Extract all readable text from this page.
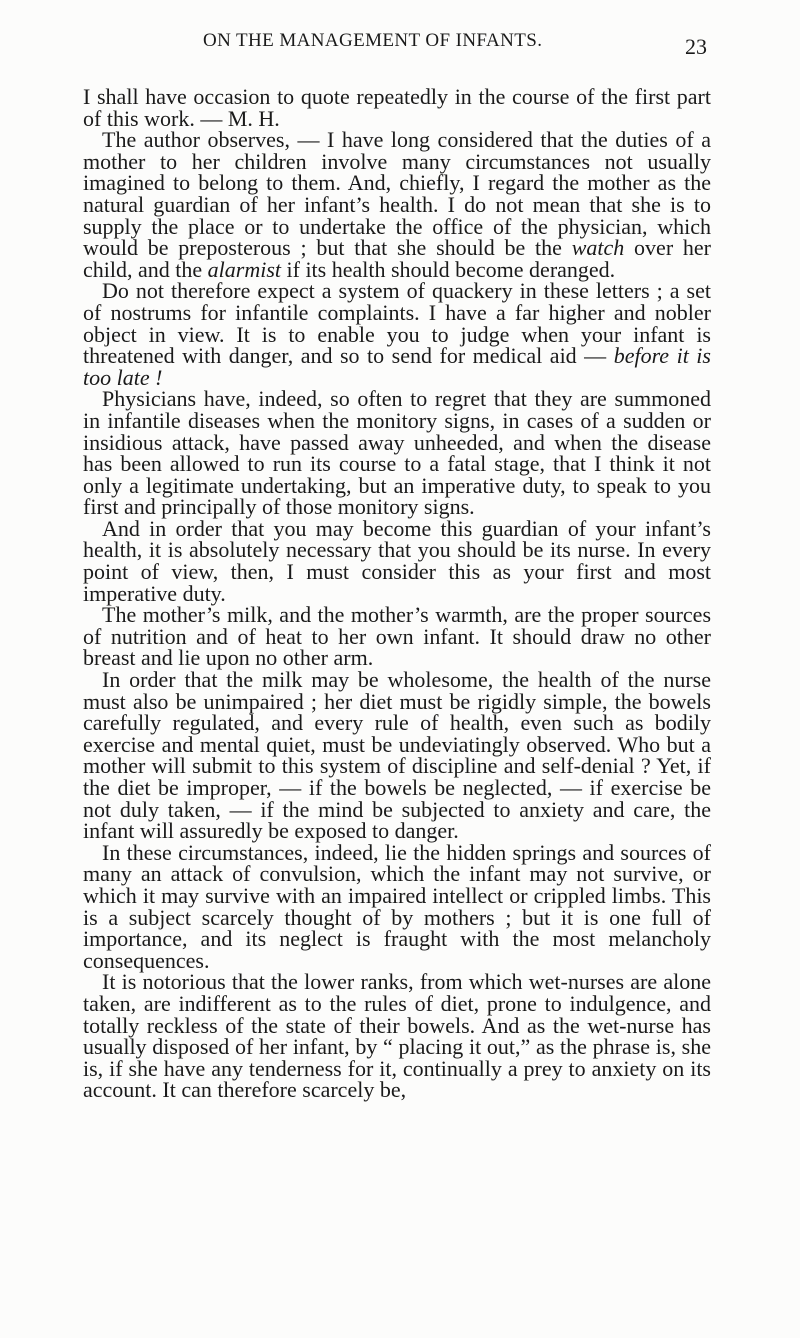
ON THE MANAGEMENT OF INFANTS.	23

I shall have occasion to quote repeatedly in the course of the first part of this work. — M. H.

The author observes, — I have long considered that the duties of a mother to her children involve many circumstances not usually imagined to belong to them. And, chiefly, I regard the mother as the natural guardian of her infant’s health. I do not mean that she is to supply the place or to undertake the office of the physician, which would be preposterous ; but that she should be the watch over her child, and the alarmist if its health should become deranged.

Do not therefore expect a system of quackery in these letters ; a set of nostrums for infantile complaints. I have a far higher and nobler object in view. It is to enable you to judge when your infant is threatened with danger, and so to send for medical aid — before it is too late !

Physicians have, indeed, so often to regret that they are summoned in infantile diseases when the monitory signs, in cases of a sudden or insidious attack, have passed away unheeded, and when the disease has been allowed to run its course to a fatal stage, that I think it not only a legitimate undertaking, but an imperative duty, to speak to you first and principally of those monitory signs.

And in order that you may become this guardian of your infant’s health, it is absolutely necessary that you should be its nurse. In every point of view, then, I must consider this as your first and most imperative duty.

The mother’s milk, and the mother’s warmth, are the proper sources of nutrition and of heat to her own infant. It should draw no other breast and lie upon no other arm.

In order that the milk may be wholesome, the health of the nurse must also be unimpaired ; her diet must be rigidly simple, the bowels carefully regulated, and every rule of health, even such as bodily exercise and mental quiet, must be undeviatingly observed. Who but a mother will submit to this system of discipline and self-denial ? Yet, if the diet be improper, — if the bowels be neglected, — if exercise be not duly taken, — if the mind be subjected to anxiety and care, the infant will assuredly be exposed to danger.

In these circumstances, indeed, lie the hidden springs and sources of many an attack of convulsion, which the infant may not survive, or which it may survive with an impaired intellect or crippled limbs. This is a subject scarcely thought of by mothers ; but it is one full of importance, and its neglect is fraught with the most melancholy consequences.

It is notorious that the lower ranks, from which wet-nurses are alone taken, are indifferent as to the rules of diet, prone to indulgence, and totally reckless of the state of their bowels. And as the wet-nurse has usually disposed of her infant, by “ placing it out,” as the phrase is, she is, if she have any tenderness for it, continually a prey to anxiety on its account. It can therefore scarcely be,
